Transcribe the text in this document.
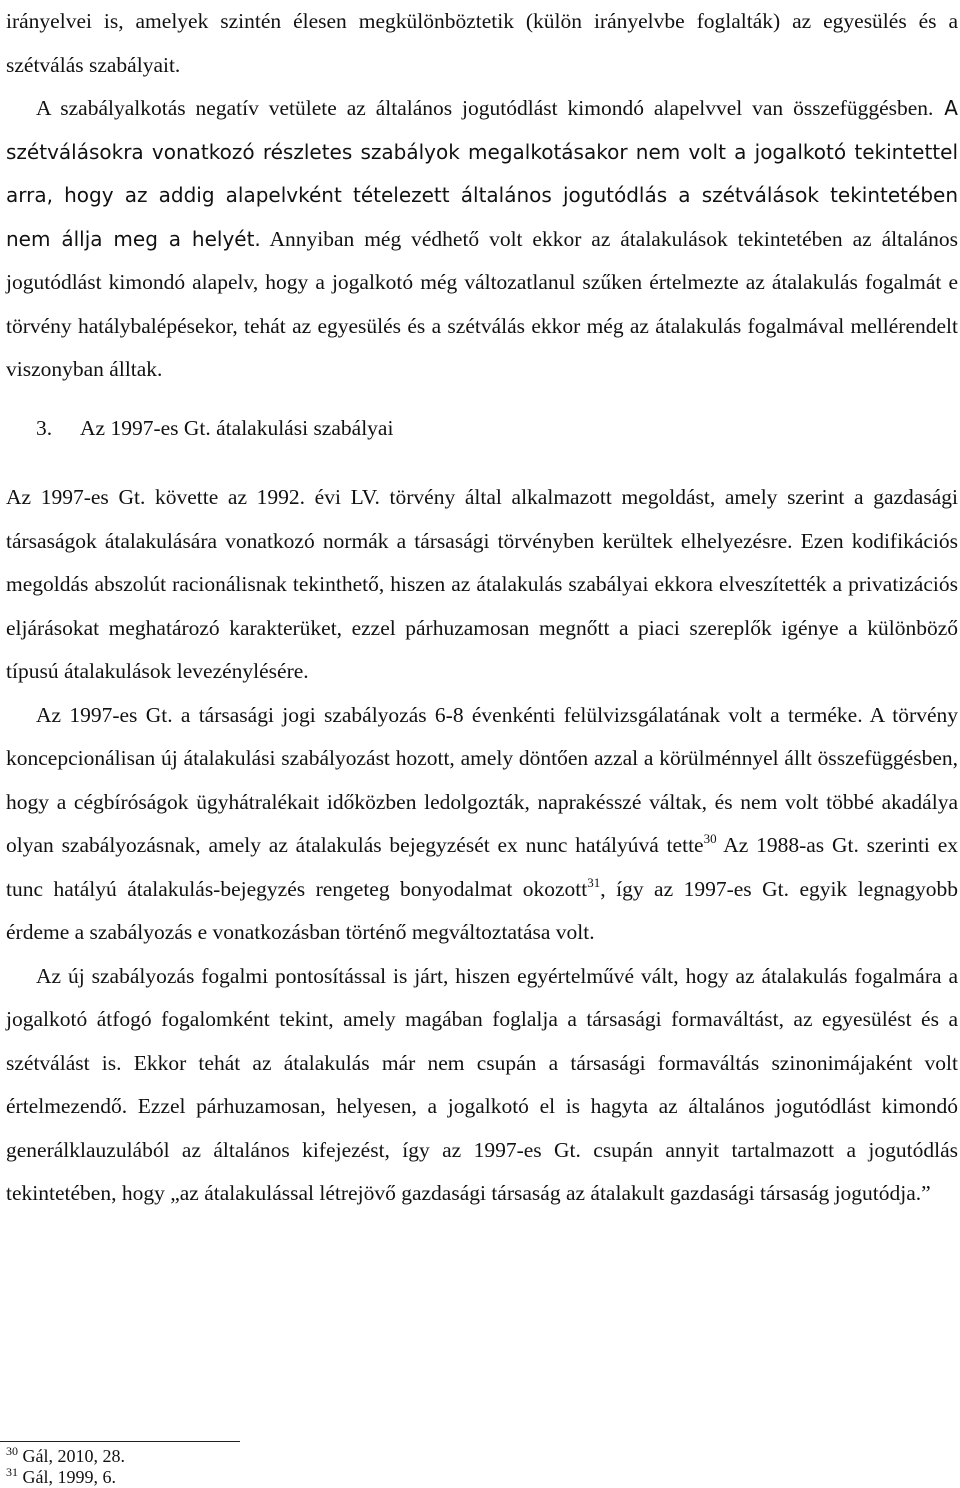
irányelvei is, amelyek szintén élesen megkülönböztetik (külön irányelvbe foglalták) az egyesülés és a szétválás szabályait.

A szabályalkotás negatív vetülete az általános jogutódlást kimondó alapelvvel van összefüggésben. A szétválásokra vonatkozó részletes szabályok megalkotásakor nem volt a jogalkotó tekintettel arra, hogy az addig alapelvként tételezett általános jogutódlás a szétválások tekintetében nem állja meg a helyét. Annyiban még védhető volt ekkor az átalakulások tekintetében az általános jogutódlást kimondó alapelv, hogy a jogalkotó még változatlanul szűken értelmezte az átalakulás fogalmát e törvény hatálybalépésekor, tehát az egyesülés és a szétválás ekkor még az átalakulás fogalmával mellérendelt viszonyban álltak.

3. Az 1997-es Gt. átalakulási szabályai

Az 1997-es Gt. követte az 1992. évi LV. törvény által alkalmazott megoldást, amely szerint a gazdasági társaságok átalakulására vonatkozó normák a társasági törvényben kerültek elhelyezésre. Ezen kodifikációs megoldás abszolút racionálisnak tekinthető, hiszen az átalakulás szabályai ekkora elveszítették a privatizációs eljárásokat meghatározó karakterüket, ezzel párhuzamosan megnőtt a piaci szereplők igénye a különböző típusú átalakulások levezénylésére.

Az 1997-es Gt. a társasági jogi szabályozás 6-8 évenkénti felülvizsgálatának volt a terméke. A törvény koncepcionálisan új átalakulási szabályozást hozott, amely döntően azzal a körülménnyel állt összefüggésben, hogy a cégbíróságok ügyhátralékait időközben ledolgozták, naprakésszé váltak, és nem volt többé akadálya olyan szabályozásnak, amely az átalakulás bejegyzését ex nunc hatályúvá tette$^{30}$ Az 1988-as Gt. szerinti ex tunc hatályú átalakulás-bejegyzés rengeteg bonyodalmat okozott$^{31}$, így az 1997-es Gt. egyik legnagyobb érdeme a szabályozás e vonatkozásban történő megváltoztatása volt.

Az új szabályozás fogalmi pontosítással is járt, hiszen egyértelművé vált, hogy az átalakulás fogalmára a jogalkotó átfogó fogalomként tekint, amely magában foglalja a társasági formaváltást, az egyesülést és a szétválást is. Ekkor tehát az átalakulás már nem csupán a társasági formaváltás szinonimájaként volt értelmezendő. Ezzel párhuzamosan, helyesen, a jogalkotó el is hagyta az általános jogutódlást kimondó generálklauzulából az általános kifejezést, így az 1997-es Gt. csupán annyit tartalmazott a jogutódlás tekintetében, hogy „az átalakulással létrejövő gazdasági társaság az átalakult gazdasági társaság jogutódja.”

$^{30}$ Gál, 2010, 28.
$^{31}$ Gál, 1999, 6.
